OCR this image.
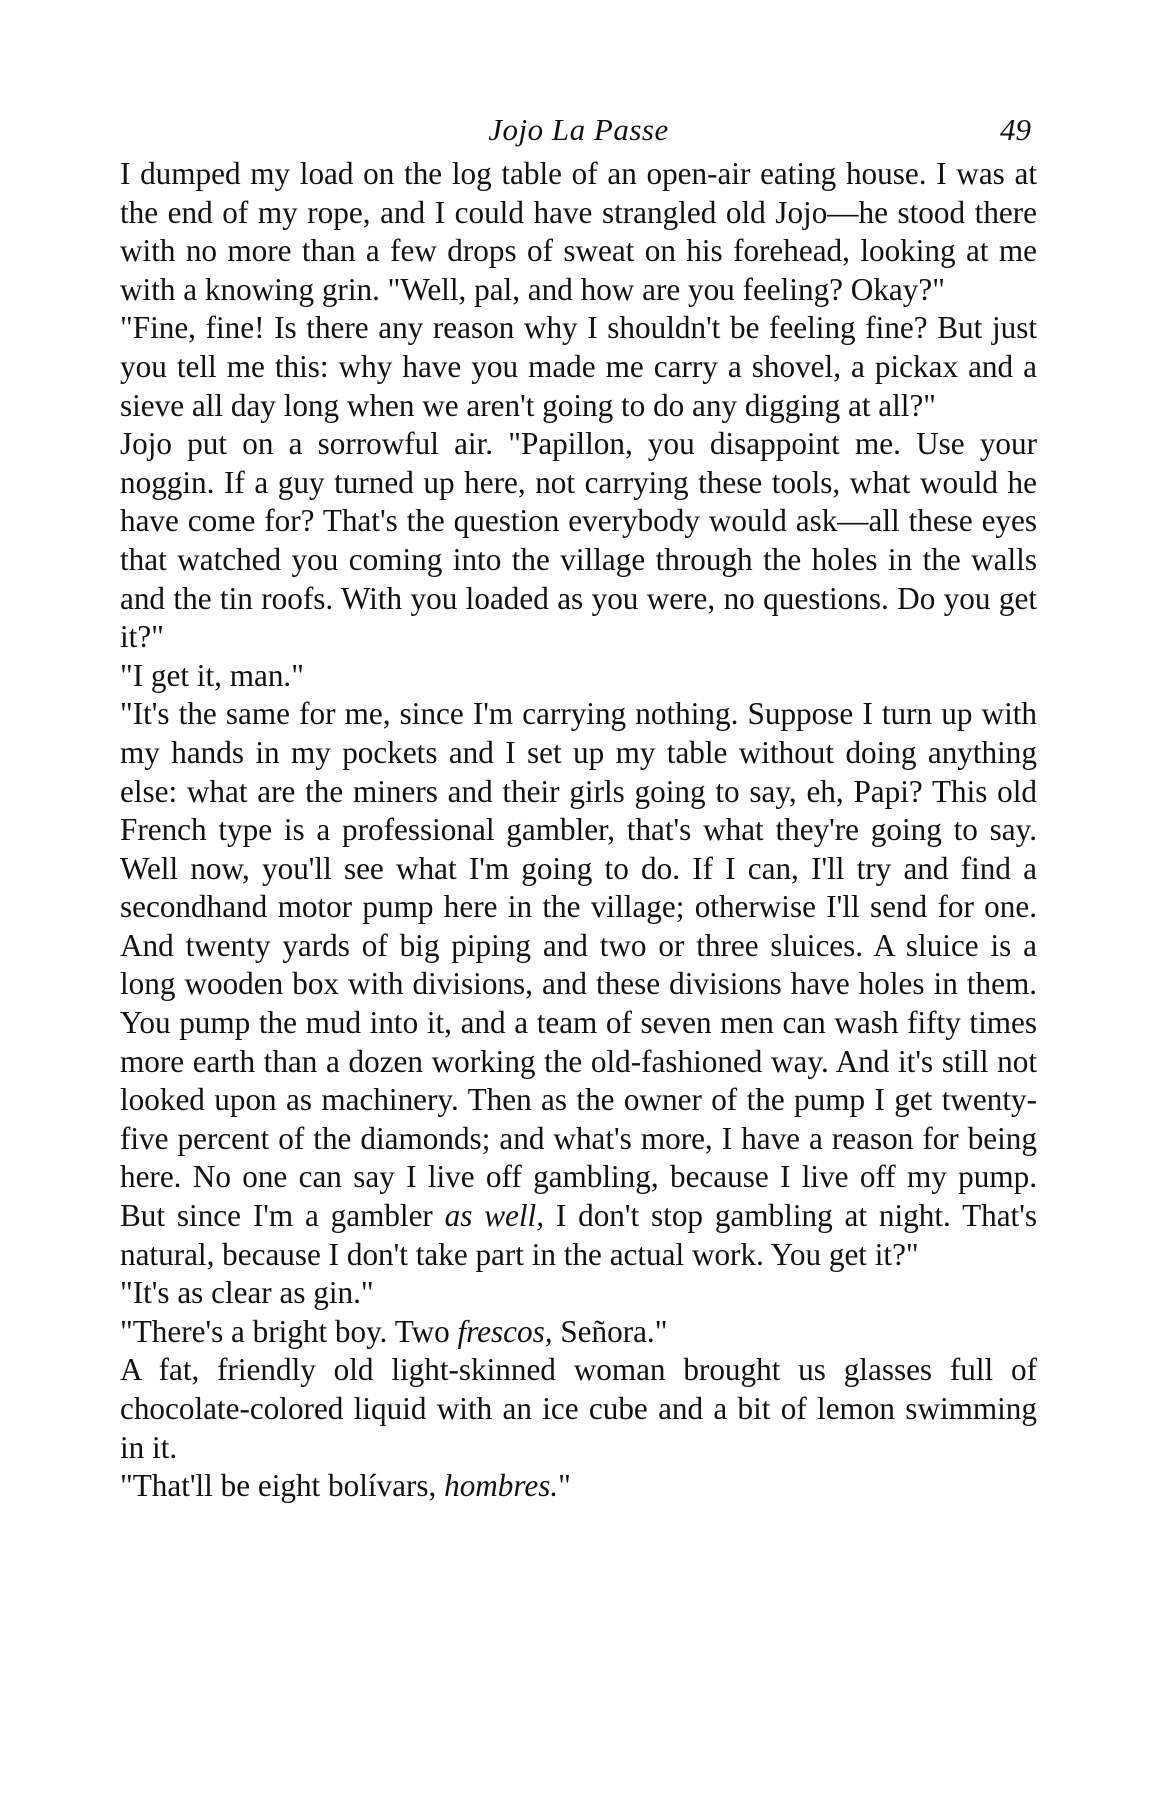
Jojo La Passe	49

I dumped my load on the log table of an open-air eating house. I was at the end of my rope, and I could have strangled old Jojo—he stood there with no more than a few drops of sweat on his forehead, looking at me with a knowing grin. "Well, pal, and how are you feeling? Okay?"

"Fine, fine! Is there any reason why I shouldn't be feeling fine? But just you tell me this: why have you made me carry a shovel, a pickax and a sieve all day long when we aren't going to do any digging at all?"

Jojo put on a sorrowful air. "Papillon, you disappoint me. Use your noggin. If a guy turned up here, not carrying these tools, what would he have come for? That's the question everybody would ask—all these eyes that watched you coming into the village through the holes in the walls and the tin roofs. With you loaded as you were, no questions. Do you get it?"

"I get it, man."

"It's the same for me, since I'm carrying nothing. Suppose I turn up with my hands in my pockets and I set up my table without doing anything else: what are the miners and their girls going to say, eh, Papi? This old French type is a professional gambler, that's what they're going to say. Well now, you'll see what I'm going to do. If I can, I'll try and find a secondhand motor pump here in the village; otherwise I'll send for one. And twenty yards of big piping and two or three sluices. A sluice is a long wooden box with divisions, and these divisions have holes in them. You pump the mud into it, and a team of seven men can wash fifty times more earth than a dozen working the old-fashioned way. And it's still not looked upon as machinery. Then as the owner of the pump I get twenty-five percent of the diamonds; and what's more, I have a reason for being here. No one can say I live off gambling, because I live off my pump. But since I'm a gambler as well, I don't stop gambling at night. That's natural, because I don't take part in the actual work. You get it?"

"It's as clear as gin."

"There's a bright boy. Two frescos, Señora."

A fat, friendly old light-skinned woman brought us glasses full of chocolate-colored liquid with an ice cube and a bit of lemon swimming in it.

"That'll be eight bolívars, hombres."
